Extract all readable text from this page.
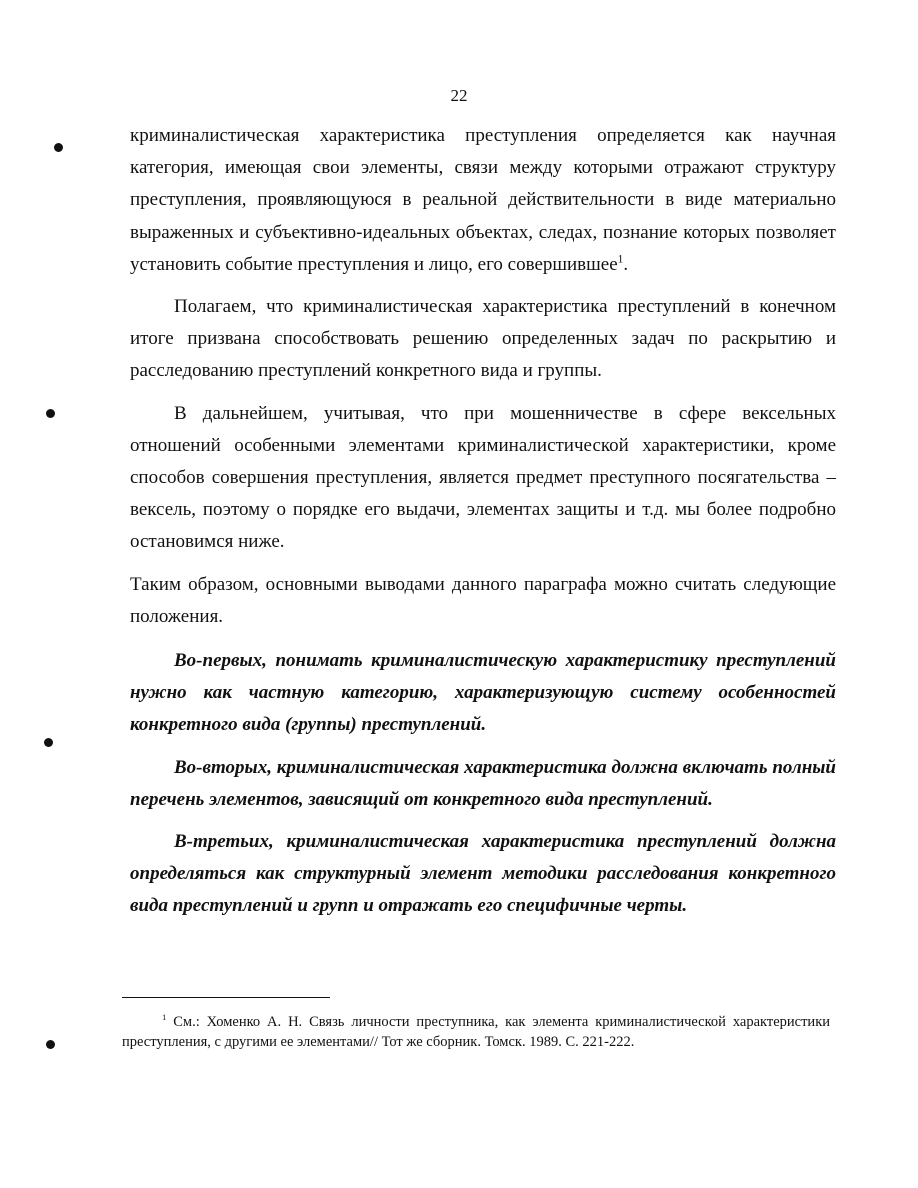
22

криминалистическая характеристика преступления определяется как научная категория, имеющая свои элементы, связи между которыми отражают структуру преступления, проявляющуюся в реальной действительности в виде материально выраженных и субъективно-идеальных объектах, следах, познание которых позволяет установить событие преступления и лицо, его совершившее$^1$.

Полагаем, что криминалистическая характеристика преступлений в конечном итоге призвана способствовать решению определенных задач по раскрытию и расследованию преступлений конкретного вида и группы.

В дальнейшем, учитывая, что при мошенничестве в сфере вексельных отношений особенными элементами криминалистической характеристики, кроме способов совершения преступления, является предмет преступного посягательства – вексель, поэтому о порядке его выдачи, элементах защиты и т.д. мы более подробно остановимся ниже.

Таким образом, основными выводами данного параграфа можно считать следующие положения.

Во-первых, понимать криминалистическую характеристику преступлений нужно как частную категорию, характеризующую систему особенностей конкретного вида (группы) преступлений.

Во-вторых, криминалистическая характеристика должна включать полный перечень элементов, зависящий от конкретного вида преступлений.

В-третьих, криминалистическая характеристика преступлений должна определяться как структурный элемент методики расследования конкретного вида преступлений и групп и отражать его специфичные черты.

$^1$ См.: Хоменко А. Н. Связь личности преступника, как элемента криминалистической характеристики преступления, с другими ее элементами// Тот же сборник. Томск. 1989. С. 221-222.
